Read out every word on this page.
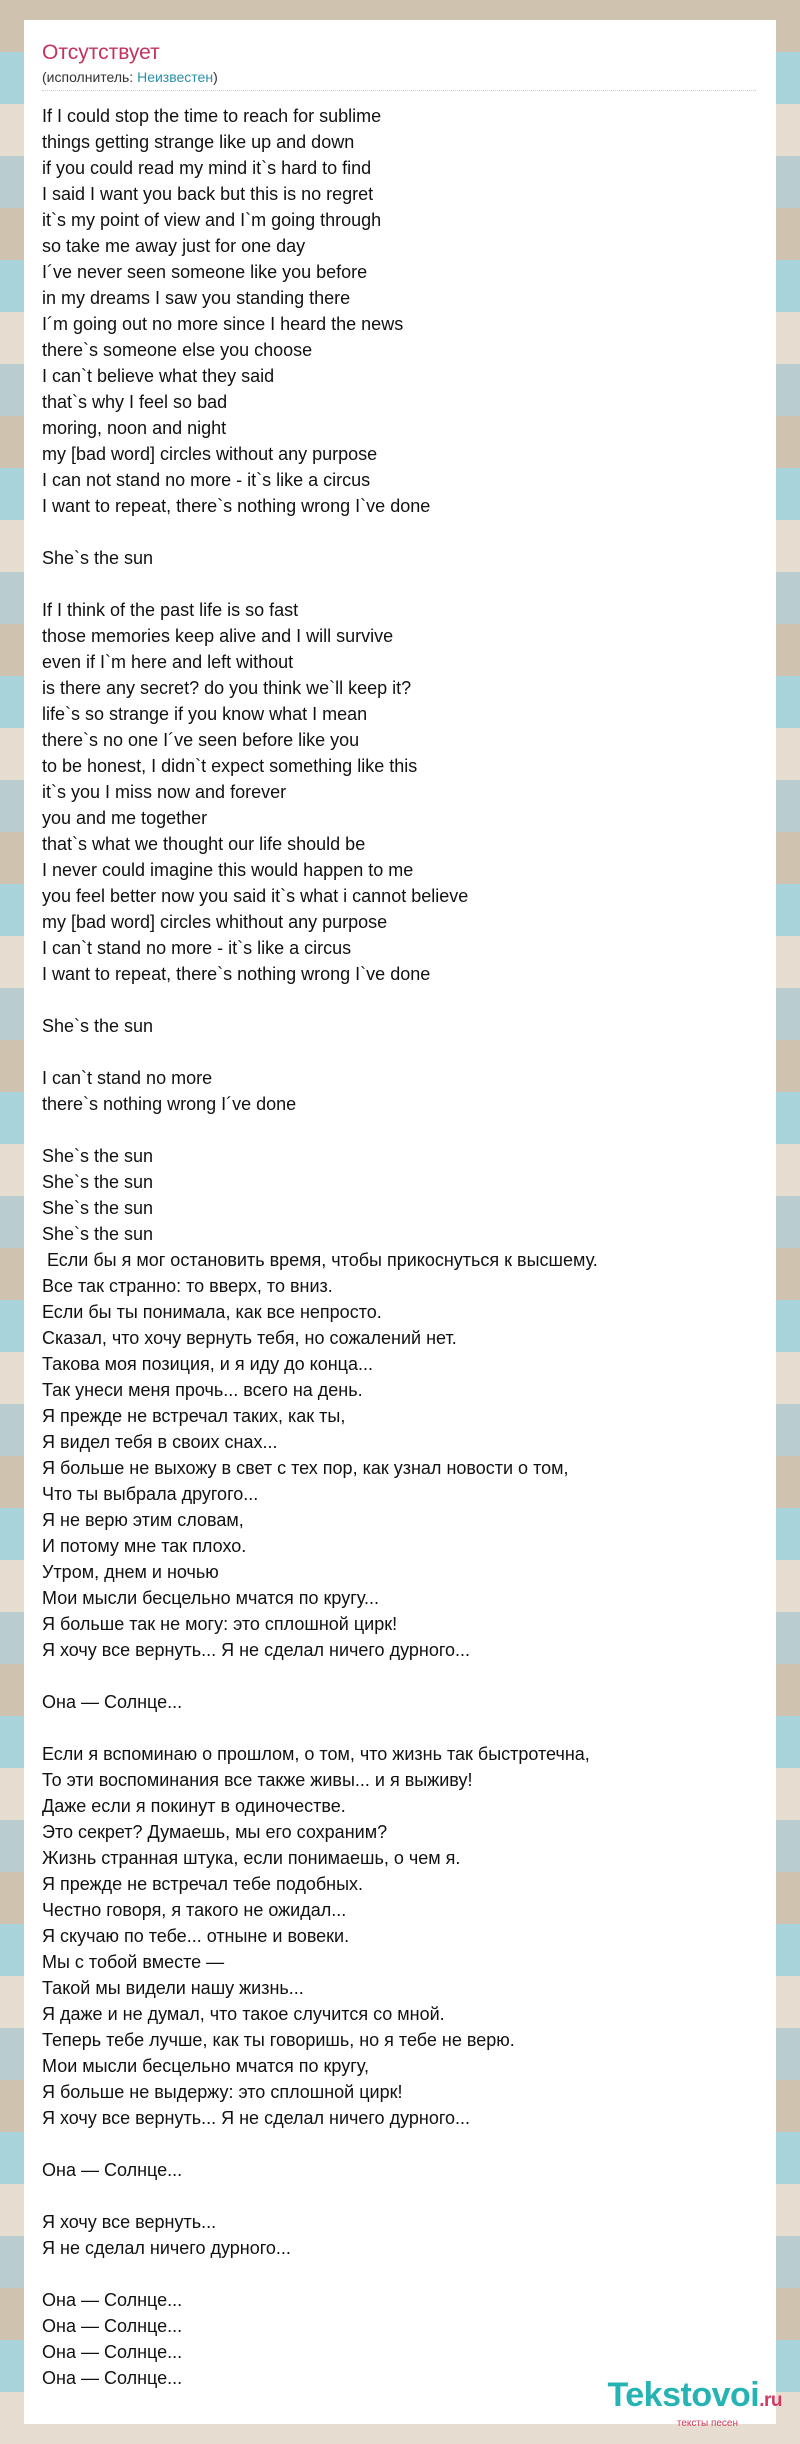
Отсутствует
(исполнитель: Неизвестен)
If I could stop the time to reach for sublime
things getting strange like up and down
if you could read my mind it`s hard to find
I said I want you back but this is no regret
it`s my point of view and I`m going through
so take me away just for one day
I´ve never seen someone like you before
in my dreams I saw you standing there
I´m going out no more since I heard the news
there`s someone else you choose
I can`t believe what they said
that`s why I feel so bad
moring, noon and night
my [bad word] circles without any purpose
I can not stand no more - it`s like a circus
I want to repeat, there`s nothing wrong I`ve done

She`s the sun

If I think of the past life is so fast
those memories keep alive and I will survive
even if I`m here and left without
is there any secret? do you think we`ll keep it?
life`s so strange if you know what I mean
there`s no one I´ve seen before like you
to be honest, I didn`t expect something like this
it`s you I miss now and forever
you and me together
that`s what we thought our life should be
I never could imagine this would happen to me
you feel better now you said it`s what i cannot believe
my [bad word] circles whithout any purpose
I can`t stand no more - it`s like a circus
I want to repeat, there`s nothing wrong I`ve done

She`s the sun

I can`t stand no more
there`s nothing wrong I´ve done

She`s the sun
She`s the sun
She`s the sun
She`s the sun
Если бы я мог остановить время, чтобы прикоснуться к высшему.
Все так странно: то вверх, то вниз.
Если бы ты понимала, как все непросто.
Сказал, что хочу вернуть тебя, но сожалений нет.
Такова моя позиция, и я иду до конца...
Так унеси меня прочь... всего на день.
Я прежде не встречал таких, как ты,
Я видел тебя в своих снах...
Я больше не выхожу в свет с тех пор, как узнал новости о том,
Что ты выбрала другого...
Я не верю этим словам,
И потому мне так плохо.
Утром, днем и ночью
Мои мысли бесцельно мчатся по кругу...
Я больше так не могу: это сплошной цирк!
Я хочу все вернуть... Я не сделал ничего дурного...

Она — Солнце...

Если я вспоминаю о прошлом, о том, что жизнь так быстротечна,
То эти воспоминания все также живы... и я выживу!
Даже если я покинут в одиночестве.
Это секрет? Думаешь, мы его сохраним?
Жизнь странная штука, если понимаешь, о чем я.
Я прежде не встречал тебе подобных.
Честно говоря, я такого не ожидал...
Я скучаю по тебе... отныне и вовеки.
Мы с тобой вместе —
Такой мы видели нашу жизнь...
Я даже и не думал, что такое случится со мной.
Теперь тебе лучше, как ты говоришь, но я тебе не верю.
Мои мысли бесцельно мчатся по кругу,
Я больше не выдержу: это сплошной цирк!
Я хочу все вернуть... Я не сделал ничего дурного...

Она — Солнце...

Я хочу все вернуть...
Я не сделал ничего дурного...

Она — Солнце...
Она — Солнце...
Она — Солнце...
Она — Солнце...	Tekstovoi.ru
тексты песен
